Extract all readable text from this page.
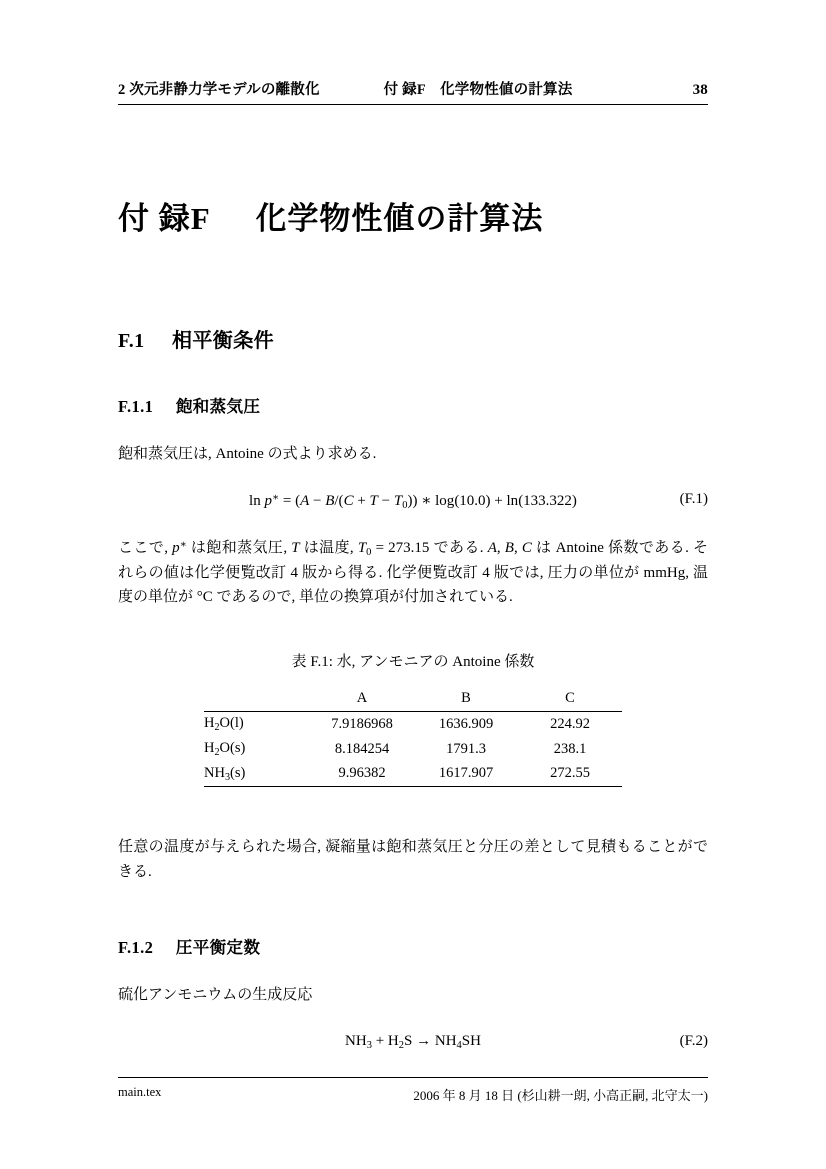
2 次元非静力学モデルの離散化	付 録F　化学物性値の計算法	38
付 録F 化学物性値の計算法
F.1 相平衡条件
F.1.1 飽和蒸気圧

飽和蒸気圧は, Antoine の式より求める.

$\ln p^∗ = (A - B/(C + T - T_0))$ ∗ log(10.0) + ln(133.322)	(F.1)

ここで, p∗ は飽和蒸気圧, T は温度, $T_0 = 273.15$ である. A, B, C は Antoine 係数である. それらの値は化学便覧改訂 4 版から得る. 化学便覧改訂 4 版では, 圧力の単位が mmHg, 温度の単位が °C であるので, 単位の換算項が付加されている.

表 F.1: 水, アンモニアの Antoine 係数
	A	B	C
$H_2O(l)$	7.9186968	1636.909	224.92
$H_2O(s)$	8.184254	1791.3	238.1
$NH_3(s)$	9.96382	1617.907	272.55

任意の温度が与えられた場合, 凝縮量は飽和蒸気圧と分圧の差として見積もることができる.

F.1.2 圧平衡定数

硫化アンモニウムの生成反応

$NH_3 + H_2S \to NH_4SH$	(F.2)
main.tex	2006 年 8 月 18 日 (杉山耕一朗, 小高正嗣, 北守太一)
